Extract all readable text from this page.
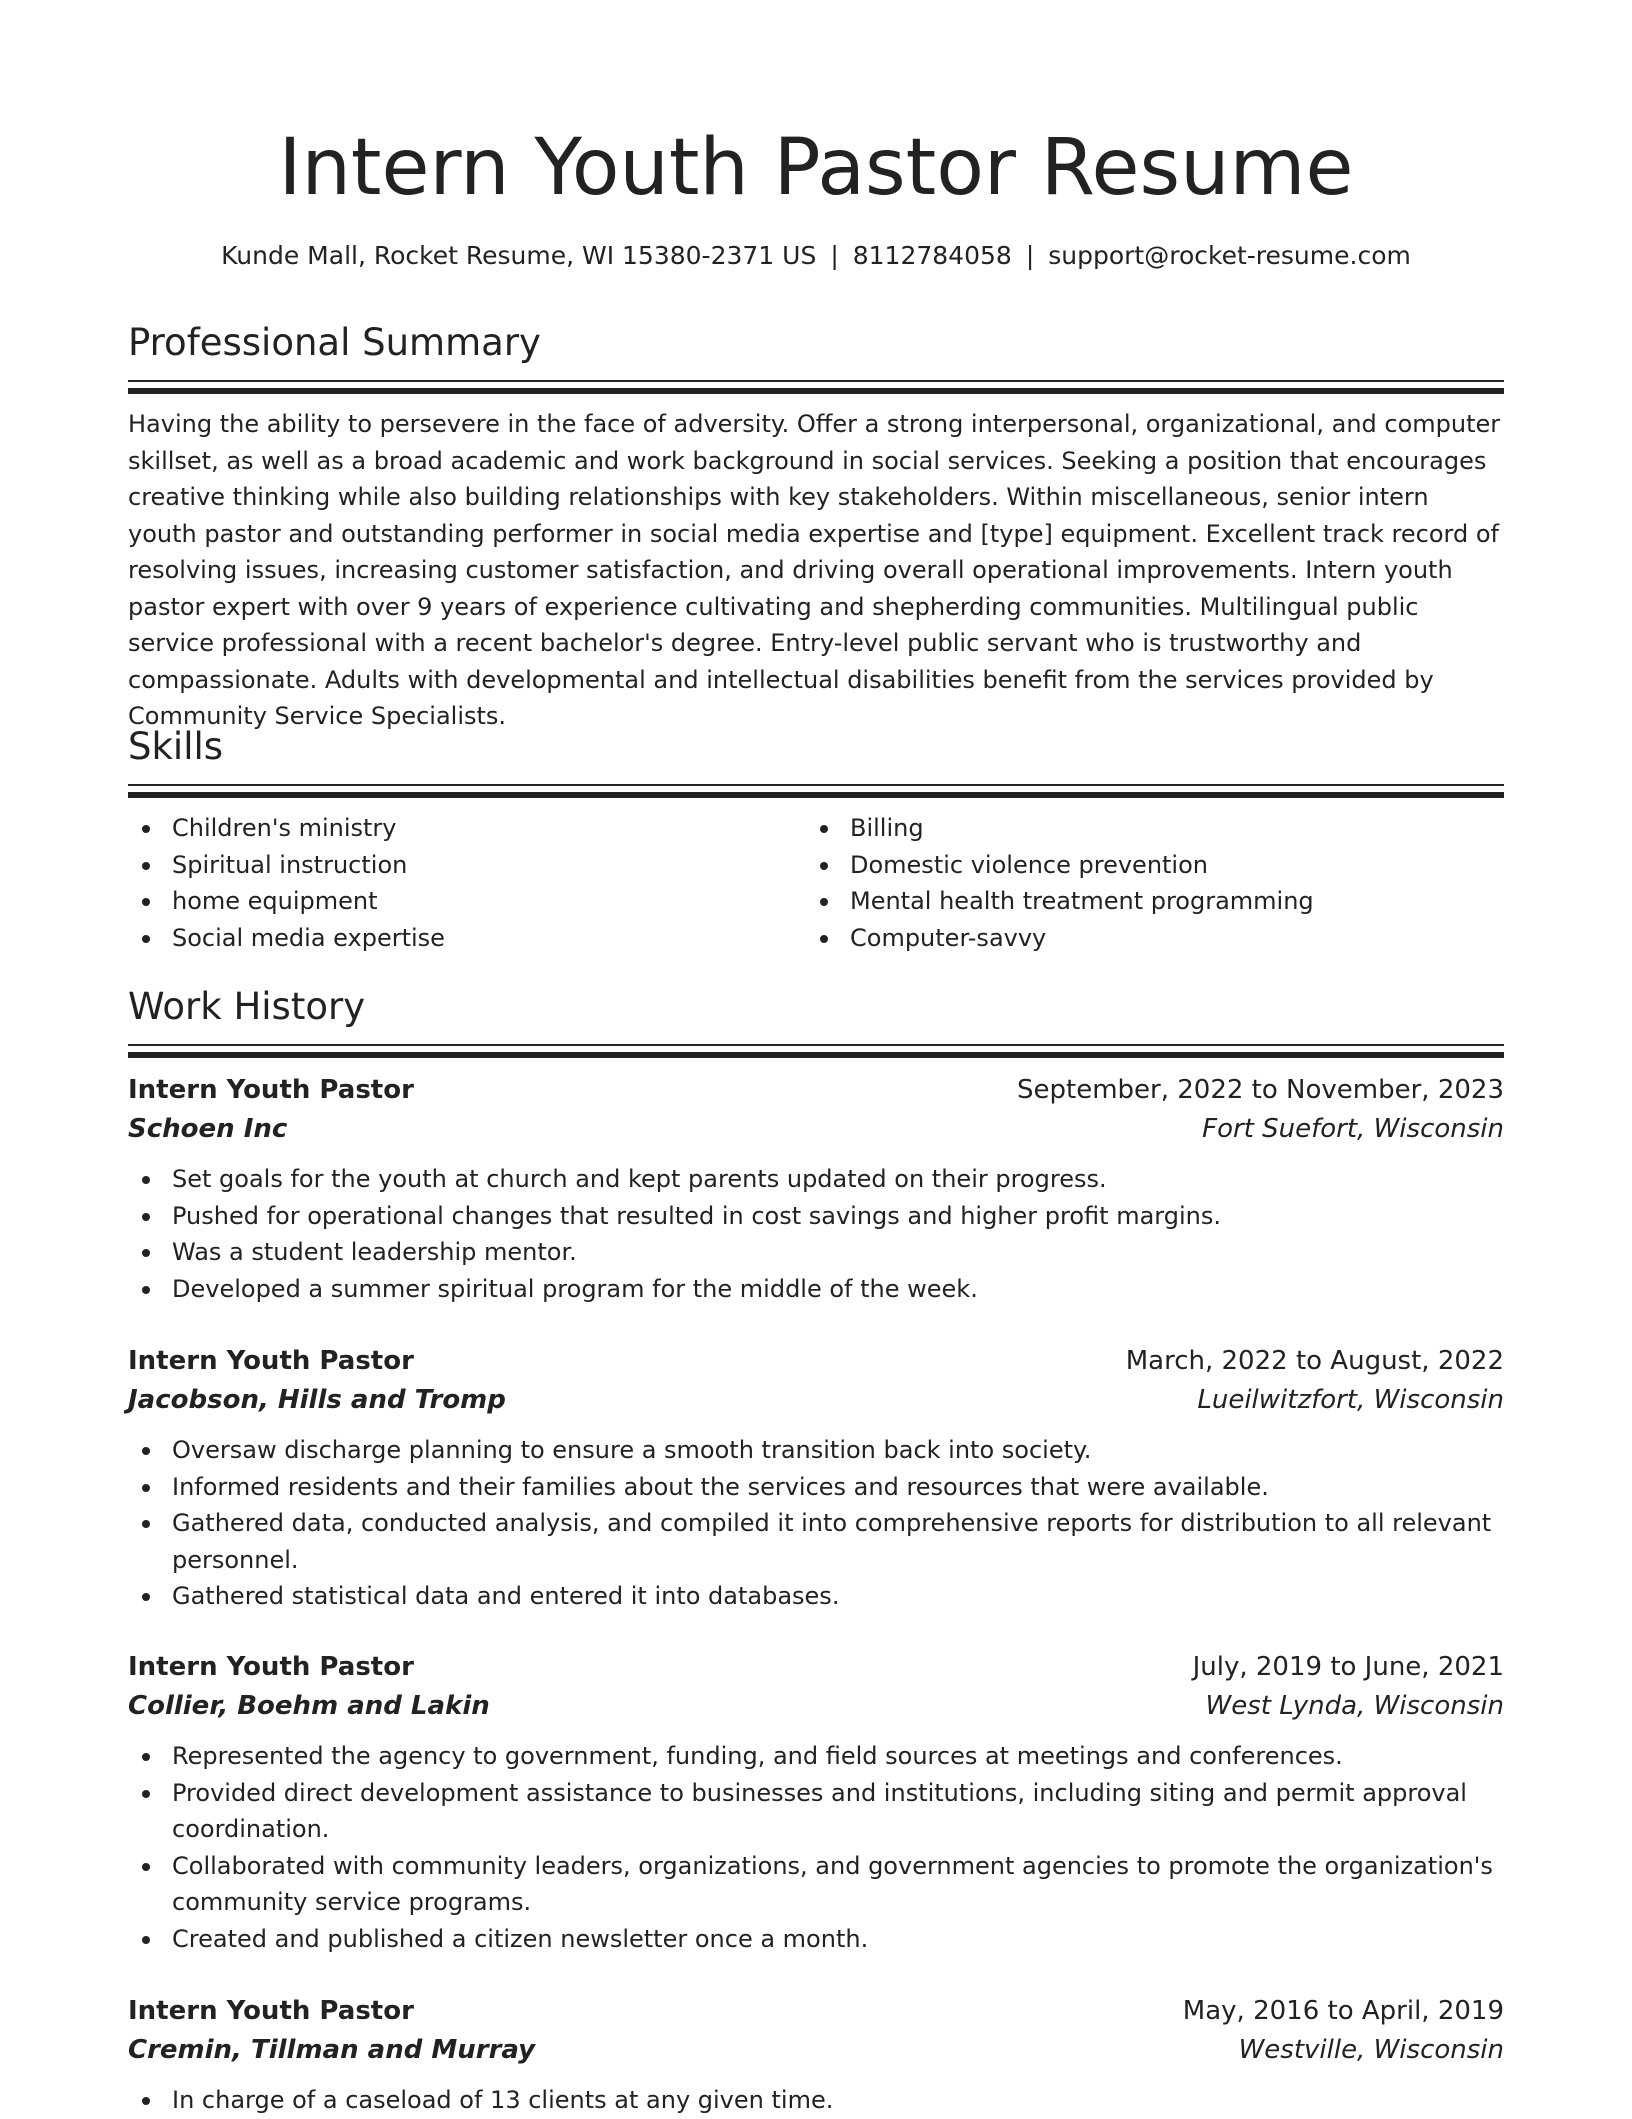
Intern Youth Pastor Resume
Kunde Mall, Rocket Resume, WI 15380-2371 US | 8112784058 | support@rocket-resume.com
Professional Summary

Having the ability to persevere in the face of adversity. Offer a strong interpersonal, organizational, and computer skillset, as well as a broad academic and work background in social services. Seeking a position that encourages creative thinking while also building relationships with key stakeholders. Within miscellaneous, senior intern youth pastor and outstanding performer in social media expertise and [type] equipment. Excellent track record of resolving issues, increasing customer satisfaction, and driving overall operational improvements. Intern youth pastor expert with over 9 years of experience cultivating and shepherding communities. Multilingual public service professional with a recent bachelor's degree. Entry-level public servant who is trustworthy and compassionate. Adults with developmental and intellectual disabilities benefit from the services provided by Community Service Specialists.

Skills
Children's ministry
Spiritual instruction
home equipment
Social media expertise
Billing
Domestic violence prevention
Mental health treatment programming
Computer-savvy
Work History
Intern Youth Pastor	September, 2022 to November, 2023
Schoen Inc	Fort Suefort, Wisconsin
Set goals for the youth at church and kept parents updated on their progress.
Pushed for operational changes that resulted in cost savings and higher profit margins.
Was a student leadership mentor.
Developed a summer spiritual program for the middle of the week.
Intern Youth Pastor	March, 2022 to August, 2022
Jacobson, Hills and Tromp	Lueilwitzfort, Wisconsin
Oversaw discharge planning to ensure a smooth transition back into society.
Informed residents and their families about the services and resources that were available.
Gathered data, conducted analysis, and compiled it into comprehensive reports for distribution to all relevant personnel.
Gathered statistical data and entered it into databases.
Intern Youth Pastor	July, 2019 to June, 2021
Collier, Boehm and Lakin	West Lynda, Wisconsin
Represented the agency to government, funding, and field sources at meetings and conferences.
Provided direct development assistance to businesses and institutions, including siting and permit approval coordination.
Collaborated with community leaders, organizations, and government agencies to promote the organization's community service programs.
Created and published a citizen newsletter once a month.
Intern Youth Pastor	May, 2016 to April, 2019
Cremin, Tillman and Murray	Westville, Wisconsin
In charge of a caseload of 13 clients at any given time.
